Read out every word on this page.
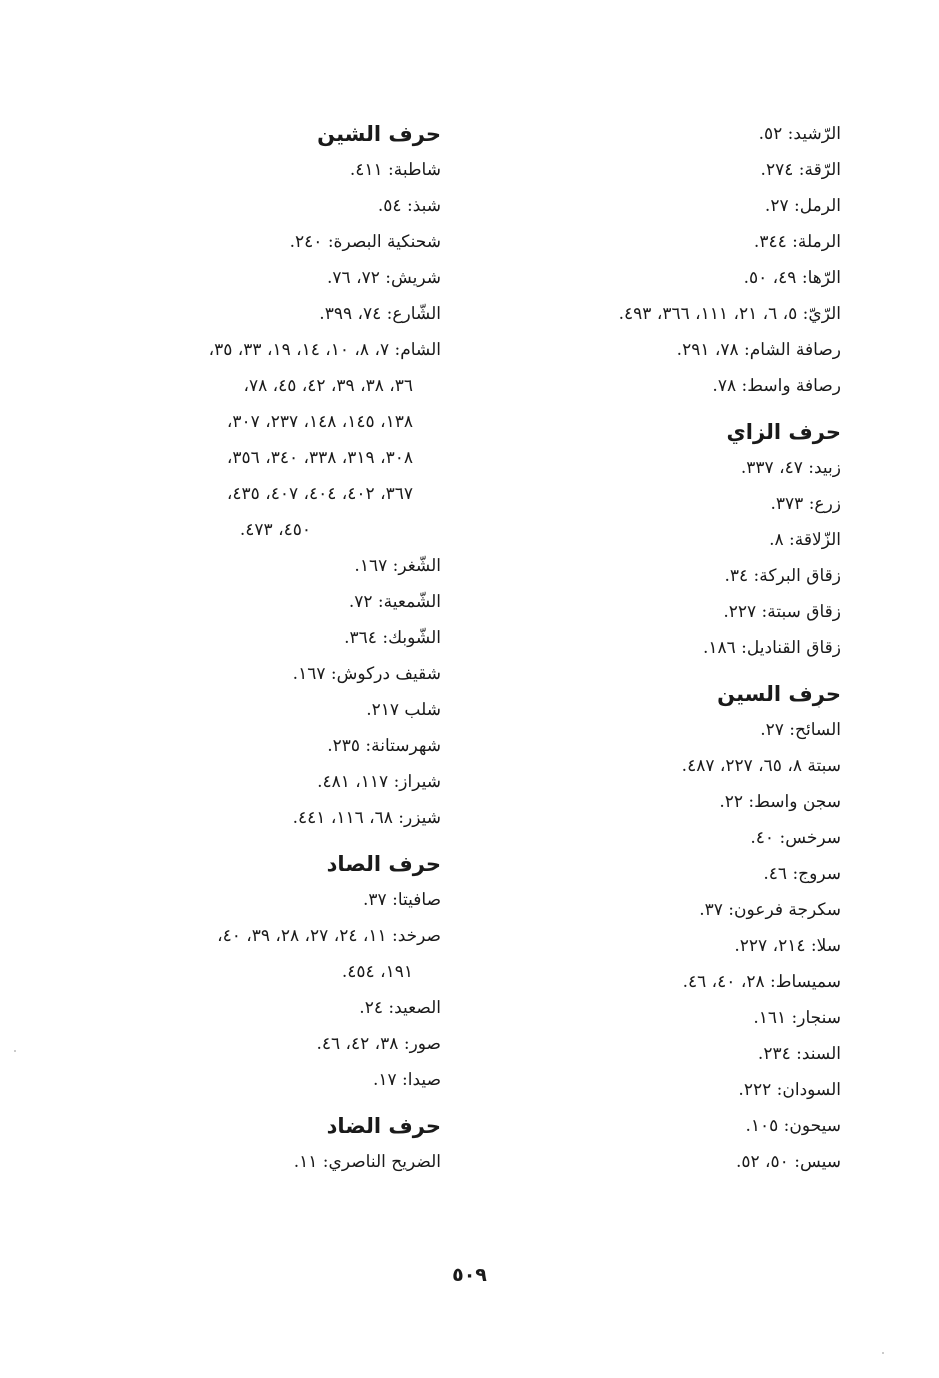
الرّشيد: ٥٢.

الرّقة: ٢٧٤.

الرمل: ٢٧.

الرملة: ٣٤٤.

الرّها: ٤٩، ٥٠.

الرّيّ: ٥، ٦، ٢١، ١١١، ٣٦٦، ٤٩٣.

رصافة الشام: ٧٨، ٢٩١.

رصافة واسط: ٧٨.

حرف الزاي

زبيد: ٤٧، ٣٣٧.

زرع: ٣٧٣.

الزّلاقة: ٨.

زقاق البركة: ٣٤.

زقاق سبتة: ٢٢٧.

زقاق القناديل: ١٨٦.

حرف السين

السائح: ٢٧.

سبتة ٨، ٦٥، ٢٢٧، ٤٨٧.

سجن واسط: ٢٢.

سرخس: ٤٠.

سروج: ٤٦.

سكرجة فرعون: ٣٧.

سلا: ٢١٤، ٢٢٧.

سميساط: ٢٨، ٤٠، ٤٦.

سنجار: ١٦١.

السند: ٢٣٤.

السودان: ٢٢٢.

سيحون: ١٠٥.

سيس: ٥٠، ٥٢.

حرف الشين

شاطبة: ٤١١.

شبذ: ٥٤.

شحنكية البصرة: ٢٤٠.

شريش: ٧٢، ٧٦.

الشّارع: ٧٤، ٣٩٩.

الشام: ٧، ٨، ١٠، ١٤، ١٩، ٣٣، ٣٥،

٣٦، ٣٨، ٣٩، ٤٢، ٤٥، ٧٨،

١٣٨، ١٤٥، ١٤٨، ٢٣٧، ٣٠٧،

٣٠٨، ٣١٩، ٣٣٨، ٣٤٠، ٣٥٦،

٣٦٧، ٤٠٢، ٤٠٤، ٤٠٧، ٤٣٥،

٤٥٠، ٤٧٣.

الشّغر: ١٦٧.

الشّمعية: ٧٢.

الشّوبك: ٣٦٤.

شقيف دركوش: ١٦٧.

شلب ٢١٧.

شهرستانة: ٢٣٥.

شيراز: ١١٧، ٤٨١.

شيزر: ٦٨، ١١٦، ٤٤١.

حرف الصاد

صافيتا: ٣٧.

صرخد: ١١، ٢٤، ٢٧، ٢٨، ٣٩، ٤٠،

١٩١، ٤٥٤.

الصعيد: ٢٤.

صور: ٣٨، ٤٢، ٤٦.

صيدا: ١٧.

حرف الضاد

الضريح الناصري: ١١.

٥٠٩
